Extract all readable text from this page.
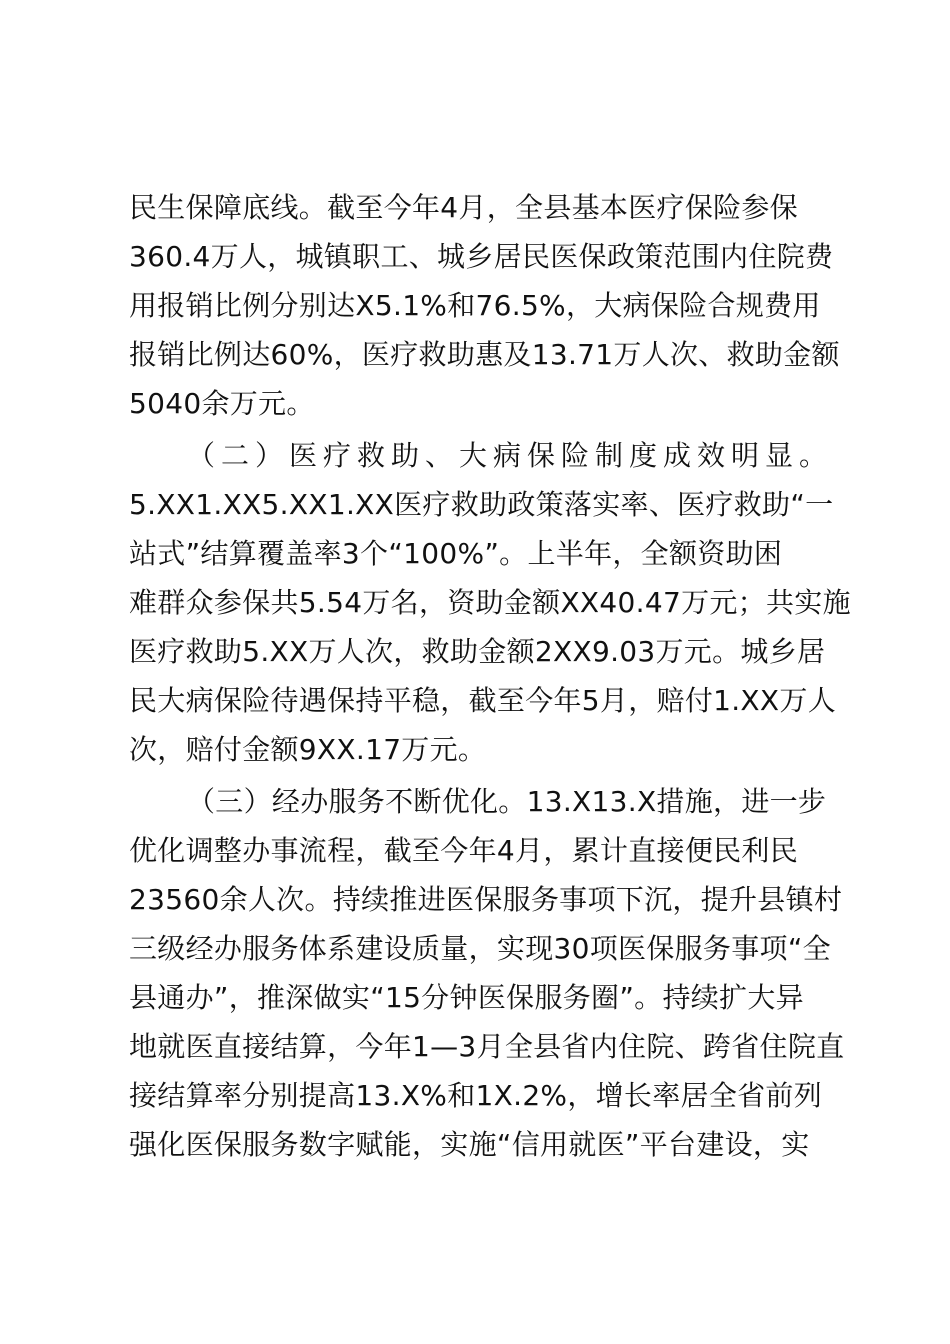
民生保障底线。截至今年4月，全县基本医疗保险参保
360.4万人，城镇职工、城乡居民医保政策范围内住院费
用报销比例分别达X5.1%和76.5%，大病保险合规费用
报销比例达60%，医疗救助惠及13.71万人次、救助金额
5040余万元。
（二）医疗救助、大病保险制度成效明显。
5.XX1.XX5.XX1.XX医疗救助政策落实率、医疗救助“一
站式”结算覆盖率3个“100%”。上半年，全额资助困
难群众参保共5.54万名，资助金额XX40.47万元；共实施
医疗救助5.XX万人次，救助金额2XX9.03万元。城乡居
民大病保险待遇保持平稳，截至今年5月，赔付1.XX万人
次，赔付金额9XX.17万元。
（三）经办服务不断优化。13.X13.X措施，进一步
优化调整办事流程，截至今年4月，累计直接便民利民
23560余人次。持续推进医保服务事项下沉，提升县镇村
三级经办服务体系建设质量，实现30项医保服务事项“全
县通办”，推深做实“15分钟医保服务圈”。持续扩大异
地就医直接结算，今年1—3月全县省内住院、跨省住院直
接结算率分别提高13.X%和1X.2%，增长率居全省前列
强化医保服务数字赋能，实施“信用就医”平台建设，实
